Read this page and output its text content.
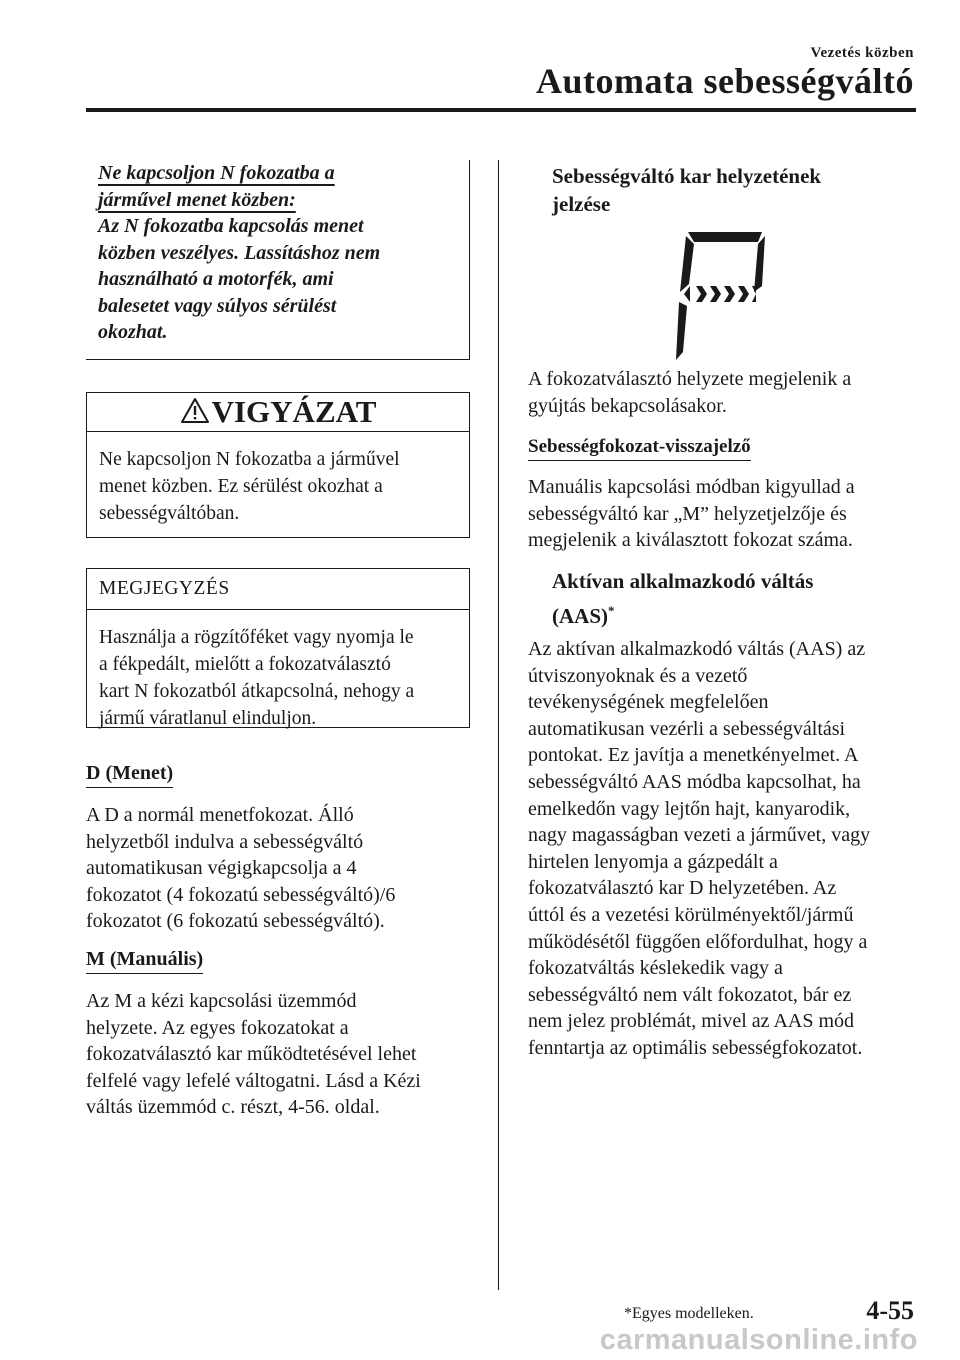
Vezetés közben
Automata sebességváltó

Ne kapcsoljon N fokozatba a
járművel menet közben:

Az N fokozatba kapcsolás menet
közben veszélyes. Lassításhoz nem
használható a motorfék, ami
balesetet vagy súlyos sérülést
okozhat.

VIGYÁZAT
Ne kapcsoljon N fokozatba a járművel
menet közben. Ez sérülést okozhat a
sebességváltóban.
MEGJEGYZÉS
Használja a rögzítőféket vagy nyomja le
a fékpedált, mielőtt a fokozatválasztó
kart N fokozatból átkapcsolná, nehogy a
jármű váratlanul elinduljon.
D (Menet)

A D a normál menetfokozat. Álló
helyzetből indulva a sebességváltó
automatikusan végigkapcsolja a 4
fokozatot (4 fokozatú sebességváltó)/6
fokozatot (6 fokozatú sebességváltó).

M (Manuális)

Az M a kézi kapcsolási üzemmód
helyzete. Az egyes fokozatokat a
fokozatválasztó kar működtetésével lehet
felfelé vagy lefelé váltogatni. Lásd a Kézi
váltás üzemmód c. részt, 4-56. oldal.

Sebességváltó kar helyzetének
jelzése

A fokozatválasztó helyzete megjelenik a
gyújtás bekapcsolásakor.

Sebességfokozat-visszajelző

Manuális kapcsolási módban kigyullad a
sebességváltó kar „M” helyzetjelzője és
megjelenik a kiválasztott fokozat száma.

Aktívan alkalmazkodó váltás
(AAS)*

Az aktívan alkalmazkodó váltás (AAS) az
útviszonyoknak és a vezető
tevékenységének megfelelően
automatikusan vezérli a sebességváltási
pontokat. Ez javítja a menetkényelmet. A
sebességváltó AAS módba kapcsolhat, ha
emelkedőn vagy lejtőn hajt, kanyarodik,
nagy magasságban vezeti a járművet, vagy
hirtelen lenyomja a gázpedált a
fokozatválasztó kar D helyzetében. Az
úttól és a vezetési körülményektől/jármű
működésétől függően előfordulhat, hogy a
fokozatváltás késlekedik vagy a
sebességváltó nem vált fokozatot, bár ez
nem jelez problémát, mivel az AAS mód
fenntartja az optimális sebességfokozatot.

*Egyes modelleken.	4-55
carmanualsonline.info
